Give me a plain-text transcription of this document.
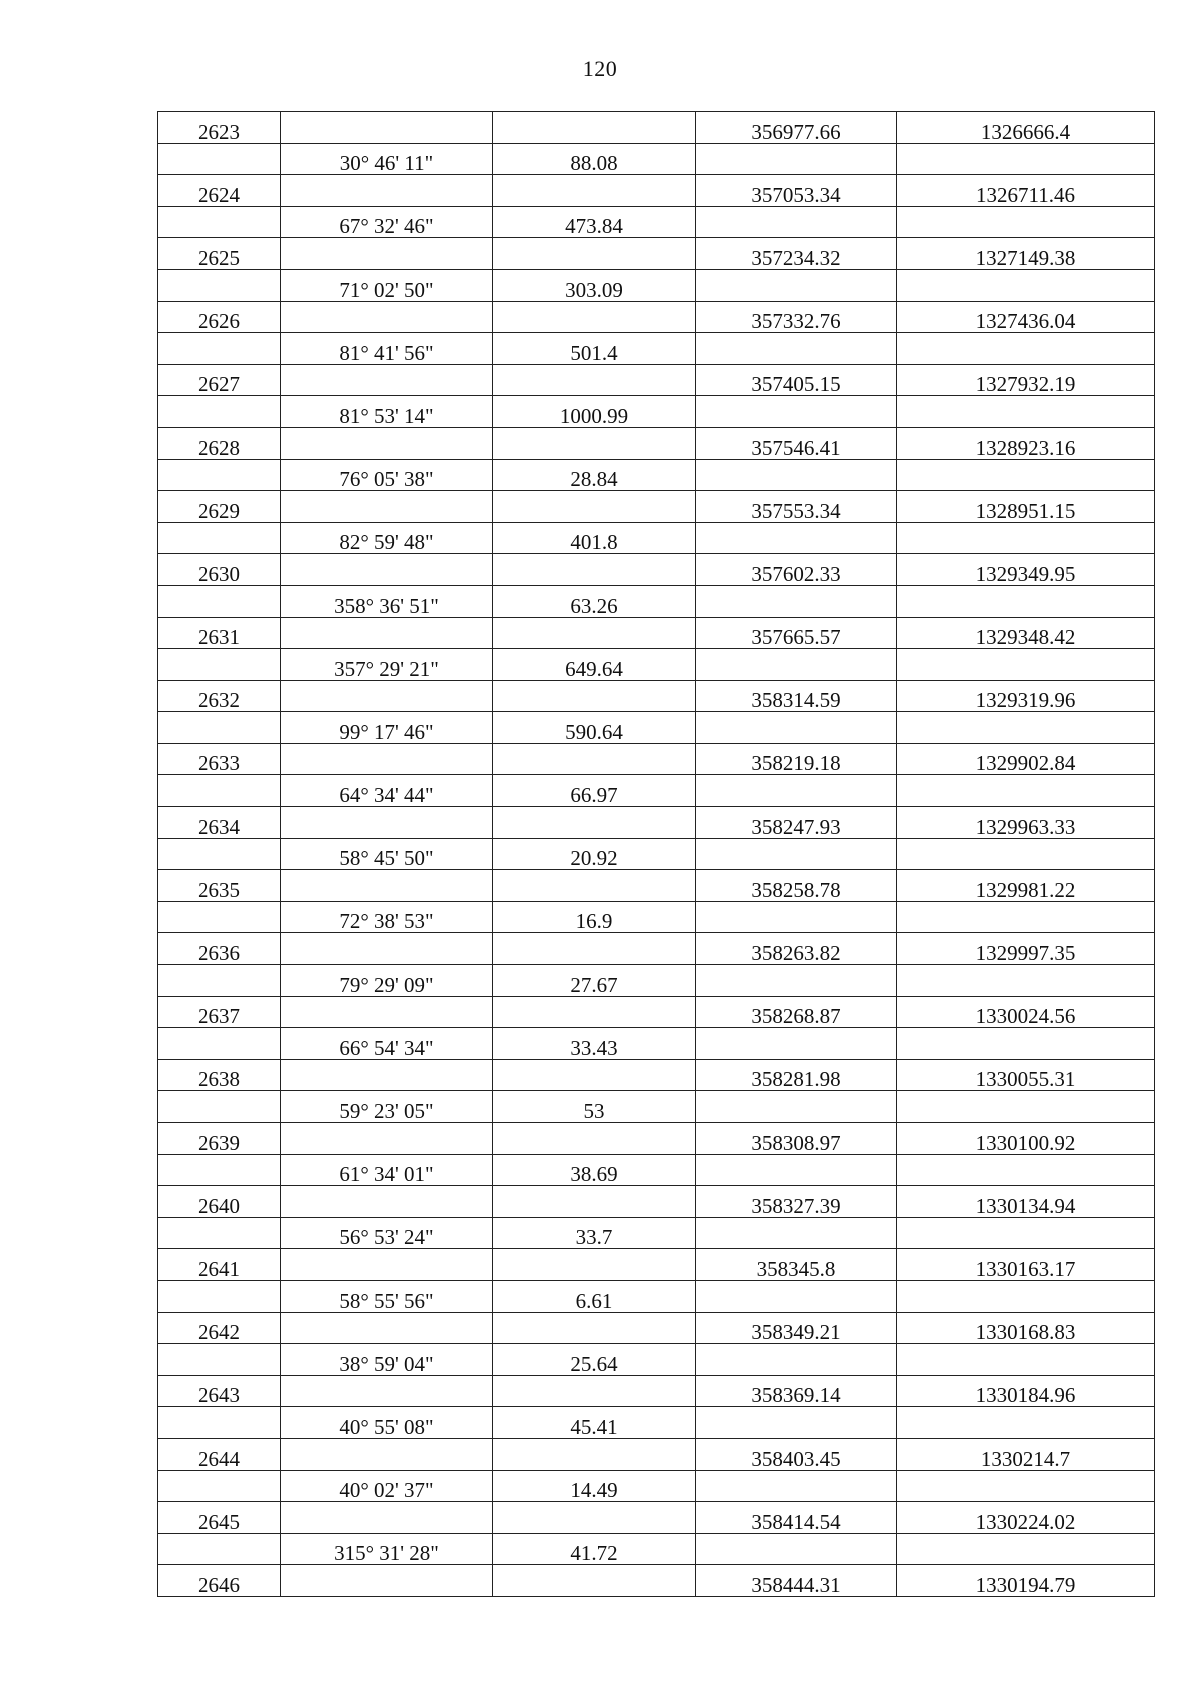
120
2623			356977.66	1326666.4
	30° 46' 11"	88.08		
2624			357053.34	1326711.46
	67° 32' 46"	473.84		
2625			357234.32	1327149.38
	71° 02' 50"	303.09		
2626			357332.76	1327436.04
	81° 41' 56"	501.4		
2627			357405.15	1327932.19
	81° 53' 14"	1000.99		
2628			357546.41	1328923.16
	76° 05' 38"	28.84		
2629			357553.34	1328951.15
	82° 59' 48"	401.8		
2630			357602.33	1329349.95
	358° 36' 51"	63.26		
2631			357665.57	1329348.42
	357° 29' 21"	649.64		
2632			358314.59	1329319.96
	99° 17' 46"	590.64		
2633			358219.18	1329902.84
	64° 34' 44"	66.97		
2634			358247.93	1329963.33
	58° 45' 50"	20.92		
2635			358258.78	1329981.22
	72° 38' 53"	16.9		
2636			358263.82	1329997.35
	79° 29' 09"	27.67		
2637			358268.87	1330024.56
	66° 54' 34"	33.43		
2638			358281.98	1330055.31
	59° 23' 05"	53		
2639			358308.97	1330100.92
	61° 34' 01"	38.69		
2640			358327.39	1330134.94
	56° 53' 24"	33.7		
2641			358345.8	1330163.17
	58° 55' 56"	6.61		
2642			358349.21	1330168.83
	38° 59' 04"	25.64		
2643			358369.14	1330184.96
	40° 55' 08"	45.41		
2644			358403.45	1330214.7
	40° 02' 37"	14.49		
2645			358414.54	1330224.02
	315° 31' 28"	41.72		
2646			358444.31	1330194.79
